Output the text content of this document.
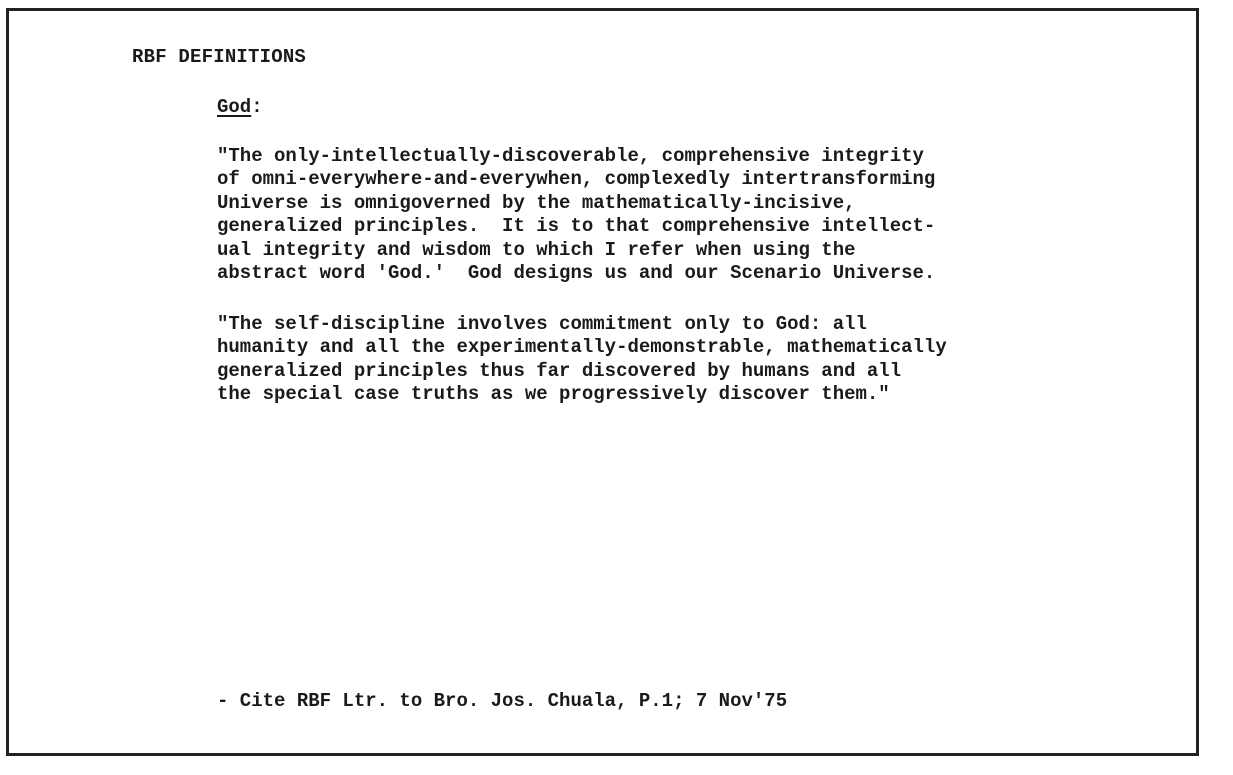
RBF DEFINITIONS
God:
"The only-intellectually-discoverable, comprehensive integrity
of omni-everywhere-and-everywhen, complexedly intertransforming
Universe is omnigoverned by the mathematically-incisive,
generalized principles.  It is to that comprehensive intellect-
ual integrity and wisdom to which I refer when using the
abstract word 'God.'  God designs us and our Scenario Universe.
"The self-discipline involves commitment only to God: all
humanity and all the experimentally-demonstrable, mathematically
generalized principles thus far discovered by humans and all
the special case truths as we progressively discover them."
- Cite RBF Ltr. to Bro. Jos. Chuala, P.1; 7 Nov'75
